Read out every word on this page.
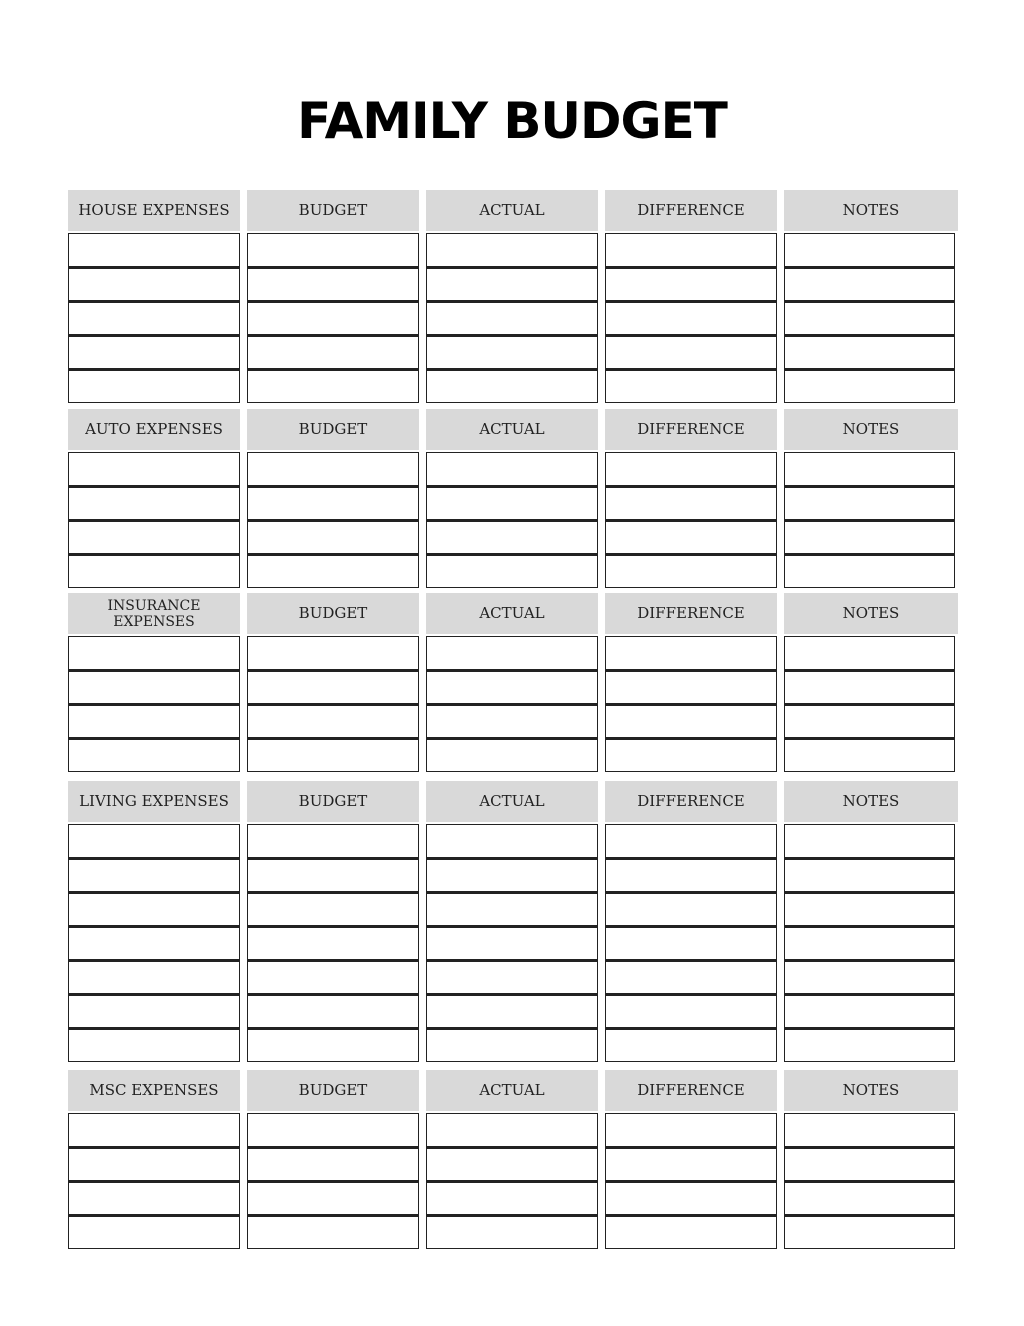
FAMILY BUDGET
HOUSE EXPENSES	BUDGET	ACTUAL	DIFFERENCE	NOTES
AUTO EXPENSES	BUDGET	ACTUAL	DIFFERENCE	NOTES
INSURANCE EXPENSES	BUDGET	ACTUAL	DIFFERENCE	NOTES
LIVING EXPENSES	BUDGET	ACTUAL	DIFFERENCE	NOTES
MSC EXPENSES	BUDGET	ACTUAL	DIFFERENCE	NOTES
